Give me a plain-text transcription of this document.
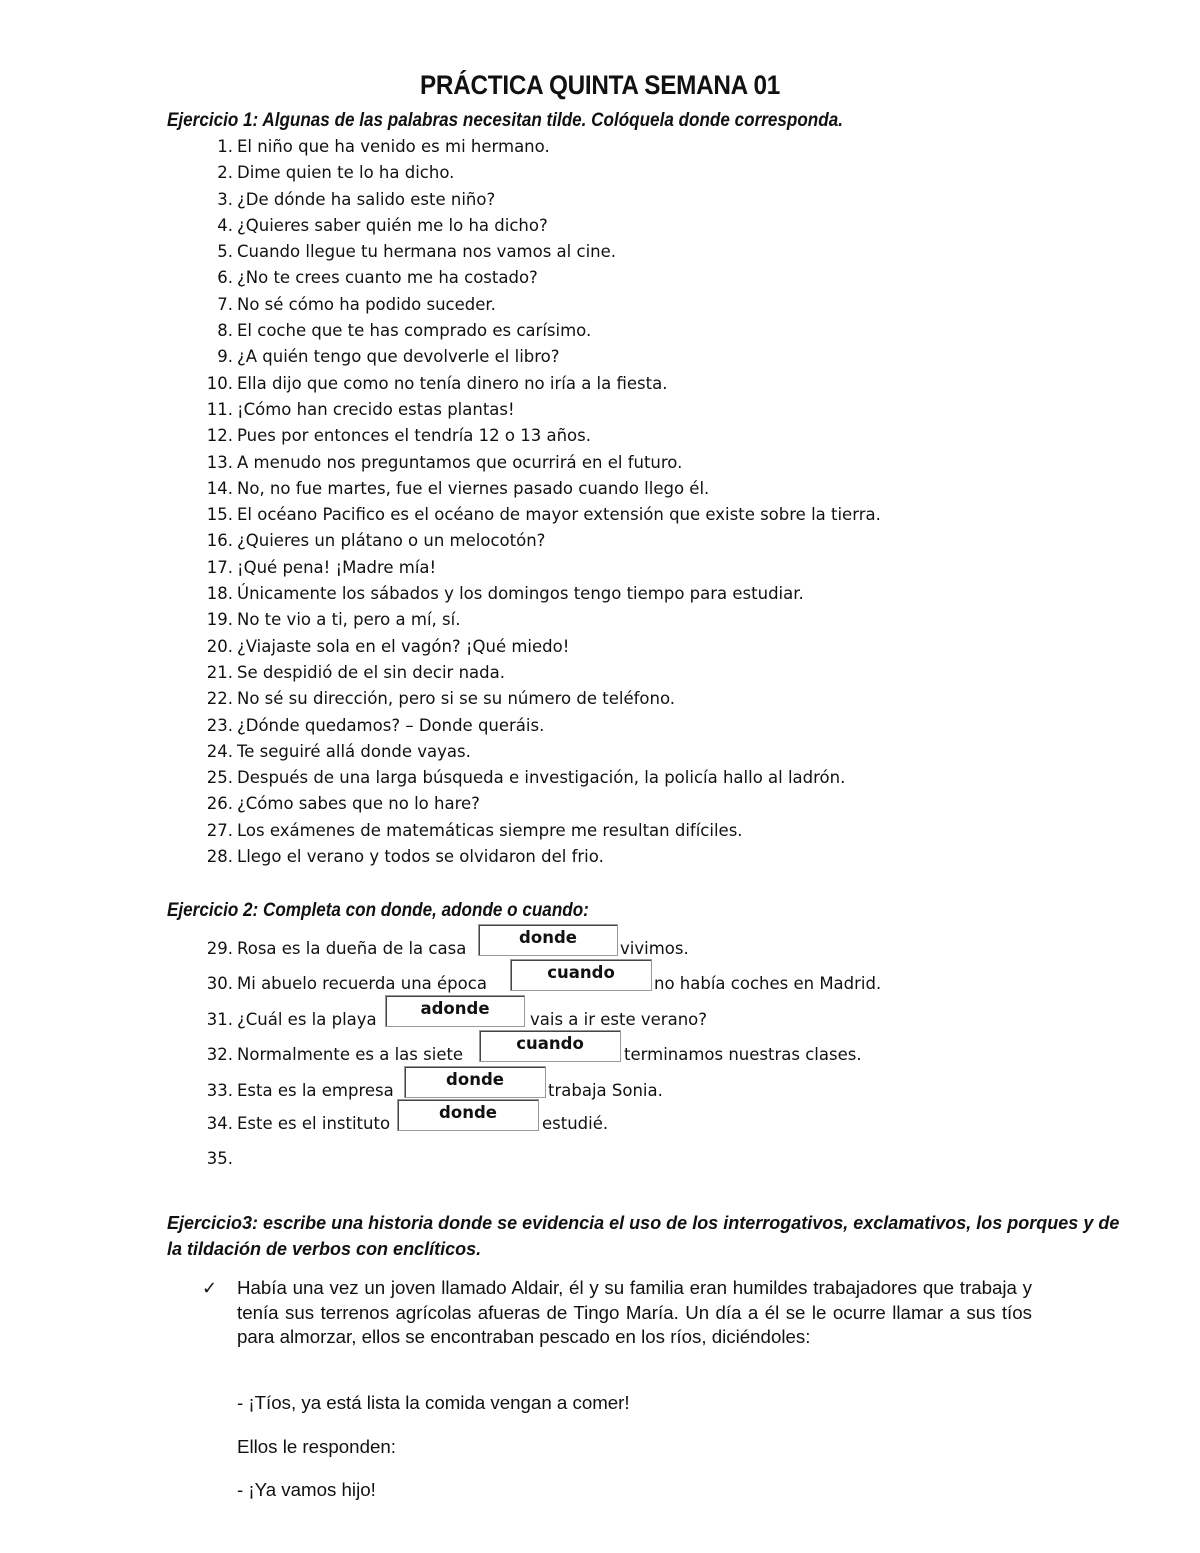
PRÁCTICA QUINTA SEMANA 01
Ejercicio 1: Algunas de las palabras necesitan tilde. Colóquela donde corresponda.
1. El niño que ha venido es mi hermano.
2. Dime quien te lo ha dicho.
3. ¿De dónde ha salido este niño?
4. ¿Quieres saber quién me lo ha dicho?
5. Cuando llegue tu hermana nos vamos al cine.
6. ¿No te crees cuanto me ha costado?
7. No sé cómo ha podido suceder.
8. El coche que te has comprado es carísimo.
9. ¿A quién tengo que devolverle el libro?
10. Ella dijo que como no tenía dinero no iría a la fiesta.
11. ¡Cómo han crecido estas plantas!
12. Pues por entonces el tendría 12 o 13 años.
13. A menudo nos preguntamos que ocurrirá en el futuro.
14. No, no fue martes, fue el viernes pasado cuando llego él.
15. El océano Pacifico es el océano de mayor extensión que existe sobre la tierra.
16. ¿Quieres un plátano o un melocotón?
17. ¡Qué pena! ¡Madre mía!
18. Únicamente los sábados y los domingos tengo tiempo para estudiar.
19. No te vio a ti, pero a mí, sí.
20. ¿Viajaste sola en el vagón? ¡Qué miedo!
21. Se despidió de el sin decir nada.
22. No sé su dirección, pero si se su número de teléfono.
23. ¿Dónde quedamos? – Donde queráis.
24. Te seguiré allá donde vayas.
25. Después de una larga búsqueda e investigación, la policía hallo al ladrón.
26. ¿Cómo sabes que no lo hare?
27. Los exámenes de matemáticas siempre me resultan difíciles.
28. Llego el verano y todos se olvidaron del frio.
Ejercicio 2: Completa con donde, adonde o cuando:
29. Rosa es la dueña de la casa
donde
vivimos.
30. Mi abuelo recuerda una época
cuando
no había coches en Madrid.
31. ¿Cuál es la playa
adonde
vais a ir este verano?
32. Normalmente es a las siete
cuando
terminamos nuestras clases.
33. Esta es la empresa
donde
trabaja Sonia.
34. Este es el instituto
donde
estudié.
35.
Ejercicio3: escribe una historia donde se evidencia el uso de los interrogativos, exclamativos, los porques y de la tildación de verbos con enclíticos.
✓ Había una vez un joven llamado Aldair, él y su familia eran humildes trabajadores que trabaja y tenía sus terrenos agrícolas afueras de Tingo María. Un día a él se le ocurre llamar a sus tíos para almorzar, ellos se encontraban pescado en los ríos, diciéndoles:
- ¡Tíos, ya está lista la comida vengan a comer!
Ellos le responden:
- ¡Ya vamos hijo!
